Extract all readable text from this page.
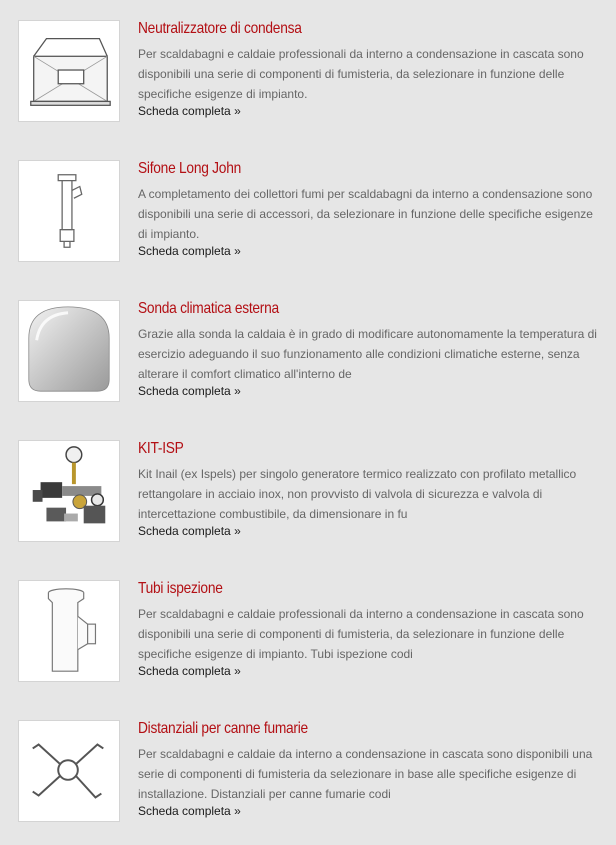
Neutralizzatore di condensa
Per scaldabagni e caldaie professionali da interno a condensazione in cascata sono disponibili una serie di componenti di fumisteria, da selezionare in funzione delle specifiche esigenze di impianto.
Scheda completa »
Sifone Long John
A completamento dei collettori fumi per scaldabagni da interno a condensazione sono disponibili una serie di accessori, da selezionare in funzione delle specifiche esigenze di impianto.
Scheda completa »
Sonda climatica esterna
Grazie alla sonda la caldaia è in grado di modificare autonomamente la temperatura di esercizio adeguando il suo funzionamento alle condizioni climatiche esterne, senza alterare il comfort climatico all'interno de
Scheda completa »
KIT-ISP
Kit Inail (ex Ispels) per singolo generatore termico realizzato con profilato metallico rettangolare in acciaio inox, non provvisto di valvola di sicurezza e valvola di intercettazione combustibile, da dimensionare in fu
Scheda completa »
Tubi ispezione
Per scaldabagni e caldaie professionali da interno a condensazione in cascata sono disponibili una serie di componenti di fumisteria, da selezionare in funzione delle specifiche esigenze di impianto. Tubi ispezione codi
Scheda completa »
Distanziali per canne fumarie
Per scaldabagni e caldaie da interno a condensazione in cascata sono disponibili una serie di componenti di fumisteria da selezionare in base alle specifiche esigenze di installazione. Distanziali per canne fumarie codi
Scheda completa »
